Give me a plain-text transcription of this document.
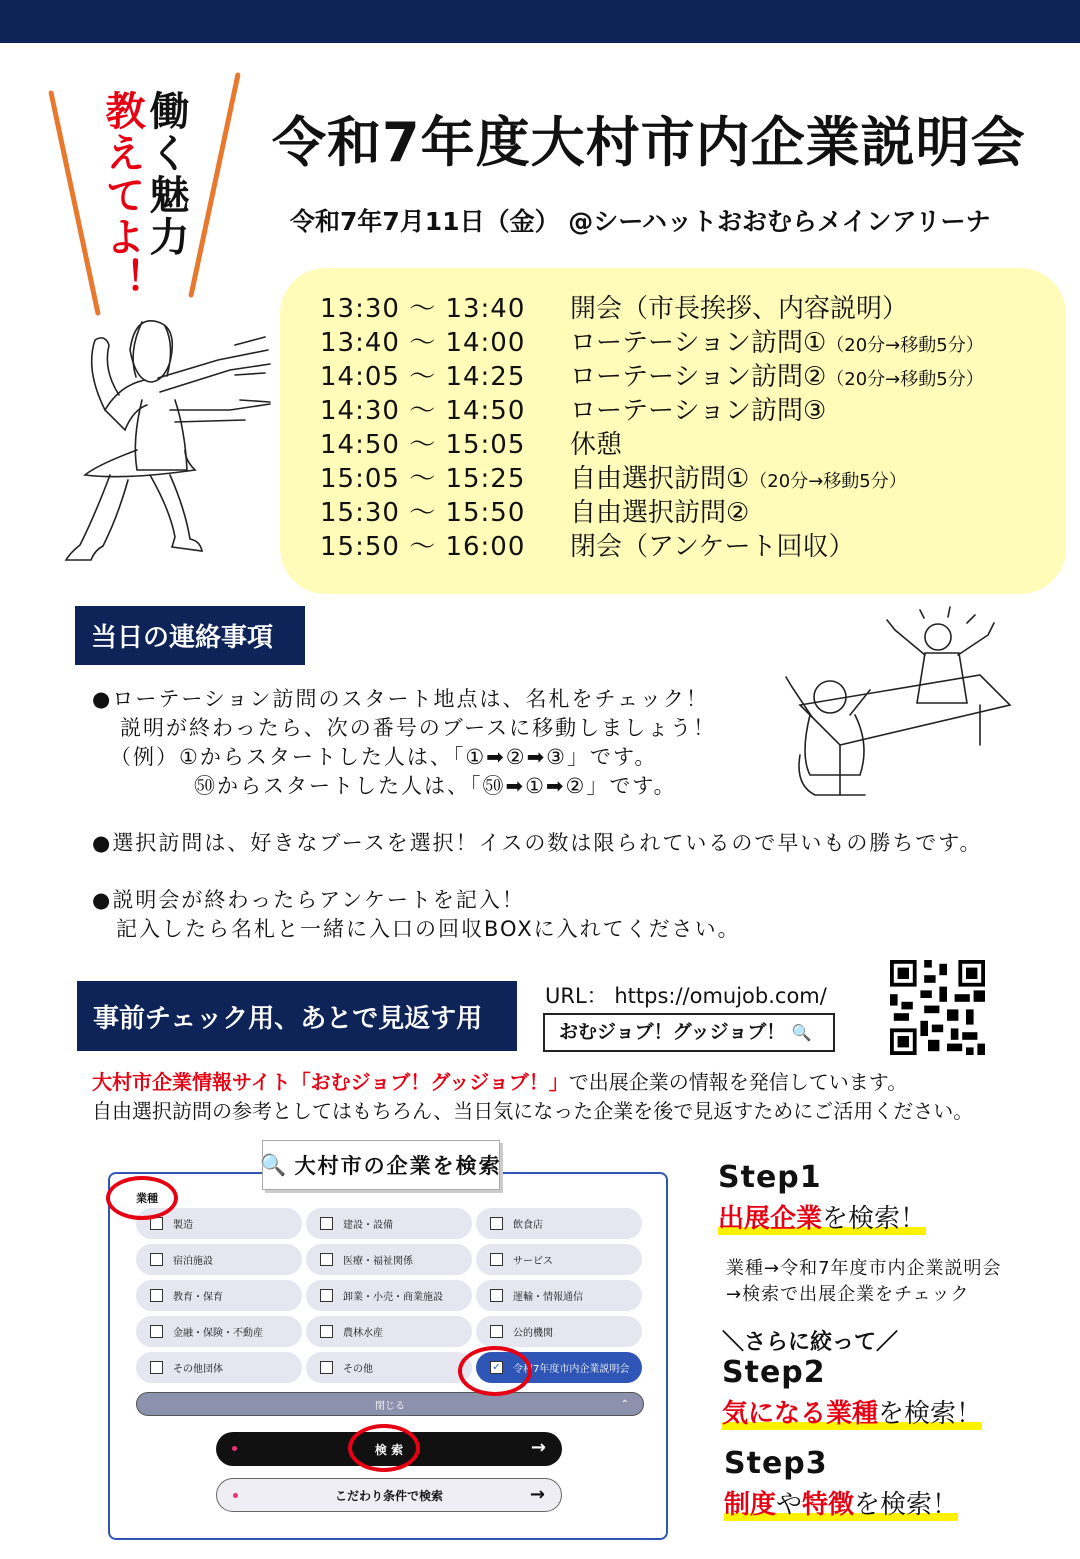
働く魅力
教えてよ！ 令和7年度大村市内企業説明会
令和7年7月11日（金） @シーハットおおむらメインアリーナ
13:30 ～ 13:40 開会（市長挨拶、内容説明）
13:40 ～ 14:00 ローテーション訪問①（20分→移動5分）
14:05 ～ 14:25 ローテーション訪問②（20分→移動5分）
14:30 ～ 14:50 ローテーション訪問③
14:50 ～ 15:05 休憩
15:05 ～ 15:25 自由選択訪問①（20分→移動5分）
15:30 ～ 15:50 自由選択訪問②
15:50 ～ 16:00 閉会（アンケート回収）
当日の連絡事項
●ローテーション訪問のスタート地点は、名札をチェック！
説明が終わったら、次の番号のブースに移動しましょう！
（例）①からスタートした人は、「①➡②➡③」です。
㊿からスタートした人は、「㊿➡①➡②」です。
●選択訪問は、好きなブースを選択！イスの数は限られているので早いもの勝ちです。
●説明会が終わったらアンケートを記入！
記入したら名札と一緒に入口の回収BOXに入れてください。
事前チェック用、あとで見返す用
URL： https://omujob.com/
おむジョブ！グッジョブ！ 🔍
大村市企業情報サイト「おむジョブ！グッジョブ！」で出展企業の情報を発信しています。
自由選択訪問の参考としてはもちろん、当日気になった企業を後で見返すためにご活用ください。
業種
製造	建設・設備	飲食店
宿泊施設	医療・福祉関係	サービス
教育・保育	卸業・小売・商業施設	運輸・情報通信
金融・保険・不動産	農林水産	公的機関
その他団体	その他	✓ 令和7年度市内企業説明会
閉じる	⌃
検 索	→
こだわり条件で検索	→
🔍 大村市の企業を検索	Step1
出展企業を検索！
業種→令和7年度市内企業説明会
→検索で出展企業をチェック
＼さらに絞って／
Step2
気になる業種を検索！
Step3
制度や特徴を検索！
